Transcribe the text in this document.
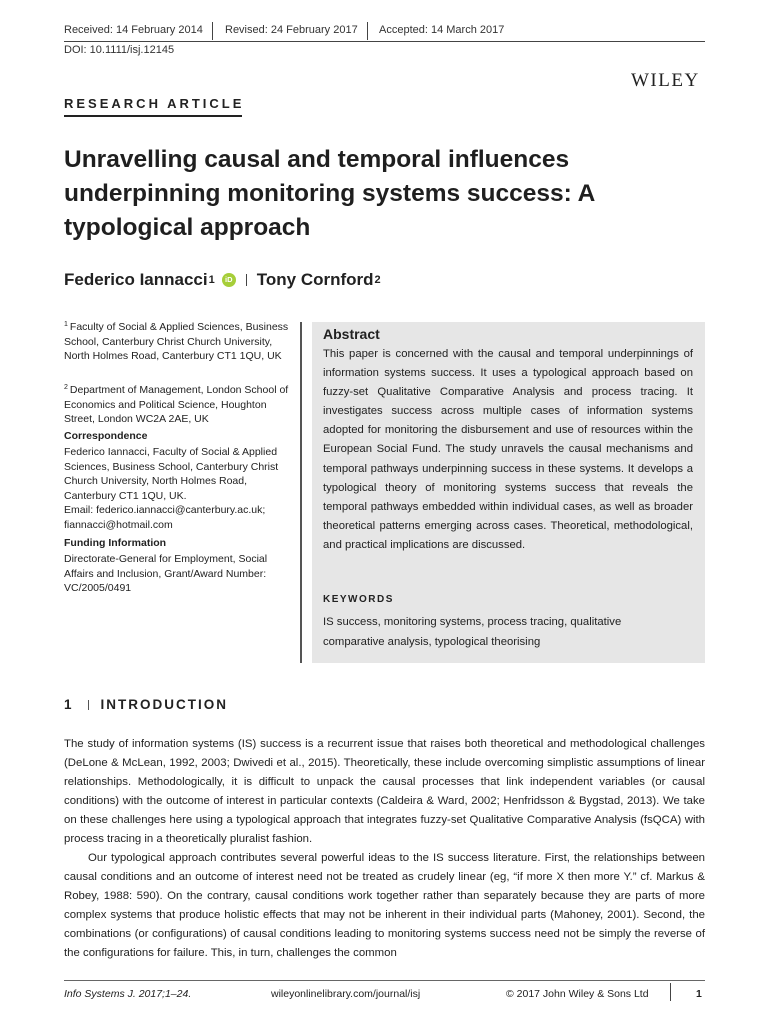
Received: 14 February 2014 Revised: 24 February 2017 Accepted: 14 March 2017
DOI: 10.1111/isj.12145
WILEY
RESEARCH ARTICLE
Unravelling causal and temporal influences underpinning monitoring systems success: A typological approach
Federico Iannacci 1	iD Tony Cornford 2
$^1$ Faculty of Social & Applied Sciences, Business School, Canterbury Christ Church University, North Holmes Road, Canterbury CT1 1QU, UK
$^2$ Department of Management, London School of Economics and Political Science, Houghton Street, London WC2A 2AE, UK
Correspondence
Federico Iannacci, Faculty of Social & Applied Sciences, Business School, Canterbury Christ Church University, North Holmes Road, Canterbury CT1 1QU, UK.
Email: federico.iannacci@canterbury.ac.uk;
fiannacci@hotmail.com
Funding Information
Directorate-General for Employment, Social Affairs and Inclusion, Grant/Award Number: VC/2005/0491
Abstract
This paper is concerned with the causal and temporal underpinnings of information systems success. It uses a typological approach based on fuzzy-set Qualitative Comparative Analysis and process tracing. It investigates success across multiple cases of information systems adopted for monitoring the disbursement and use of resources within the European Social Fund. The study unravels the causal mechanisms and temporal pathways underpinning success in these systems. It develops a typological theory of monitoring systems success that reveals the temporal pathways embedded within individual cases, as well as broader theoretical patterns emerging across cases. Theoretical, methodological, and practical implications are discussed.
KEYWORDS
IS success, monitoring systems, process tracing, qualitative comparative analysis, typological theorising
1 INTRODUCTION

The study of information systems (IS) success is a recurrent issue that raises both theoretical and methodological challenges (DeLone & McLean, 1992, 2003; Dwivedi et al., 2015). Theoretically, these include overcoming simplistic assumptions of linear relationships. Methodologically, it is difficult to unpack the causal processes that link independent variables (or causal conditions) with the outcome of interest in particular contexts (Caldeira & Ward, 2002; Henfridsson & Bygstad, 2013). We take on these challenges here using a typological approach that integrates fuzzy-set Qualitative Comparative Analysis (fsQCA) with process tracing in a theoretically pluralist fashion.

Our typological approach contributes several powerful ideas to the IS success literature. First, the relationships between causal conditions and an outcome of interest need not be treated as crudely linear (eg, “if more X then more Y.” cf. Markus & Robey, 1988: 590). On the contrary, causal conditions work together rather than separately because they are parts of more complex systems that produce holistic effects that may not be inherent in their individual parts (Mahoney, 2001). Second, the combinations (or configurations) of causal conditions leading to monitoring systems success need not be simply the reverse of the configurations for failure. This, in turn, challenges the common

Info Systems J. 2017;1–24.	wileyonlinelibrary.com/journal/isj	© 2017 John Wiley & Sons Ltd	1
